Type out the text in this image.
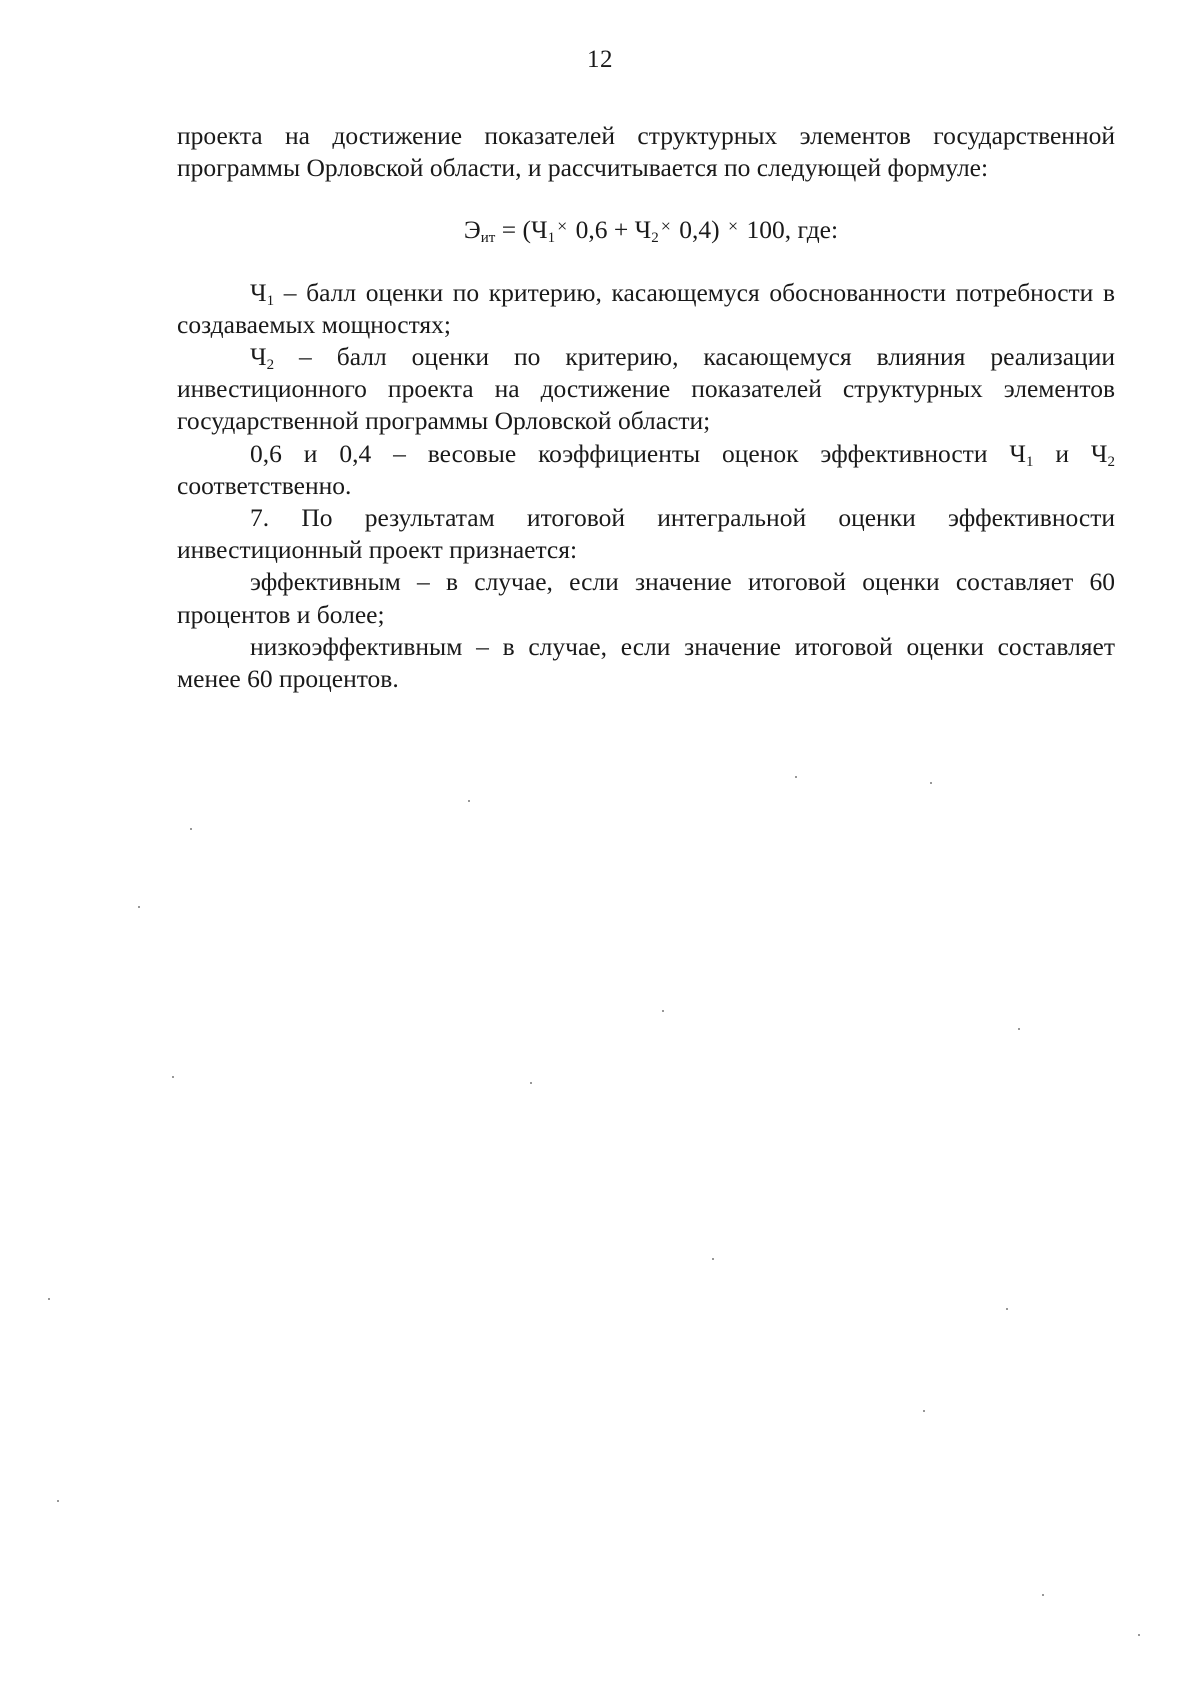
12

проекта на достижение показателей структурных элементов государственной программы Орловской области, и рассчитывается по следующей формуле:

$Э_{ит} = (Ч_1^\times$ $0,6 + Ч_2^\times$ 0,4) × 100, где:

$Ч_1$ – балл оценки по критерию, касающемуся обоснованности потребности в создаваемых мощностях;

$Ч_2$ – балл оценки по критерию, касающемуся влияния реализации инвестиционного проекта на достижение показателей структурных элементов государственной программы Орловской области;

0,6 и 0,4 – весовые коэффициенты оценок эффективности $Ч_1$ и $Ч_2$ соответственно.

7. По результатам итоговой интегральной оценки эффективности инвестиционный проект признается:

эффективным – в случае, если значение итоговой оценки составляет 60 процентов и более;

низкоэффективным – в случае, если значение итоговой оценки составляет менее 60 процентов.
